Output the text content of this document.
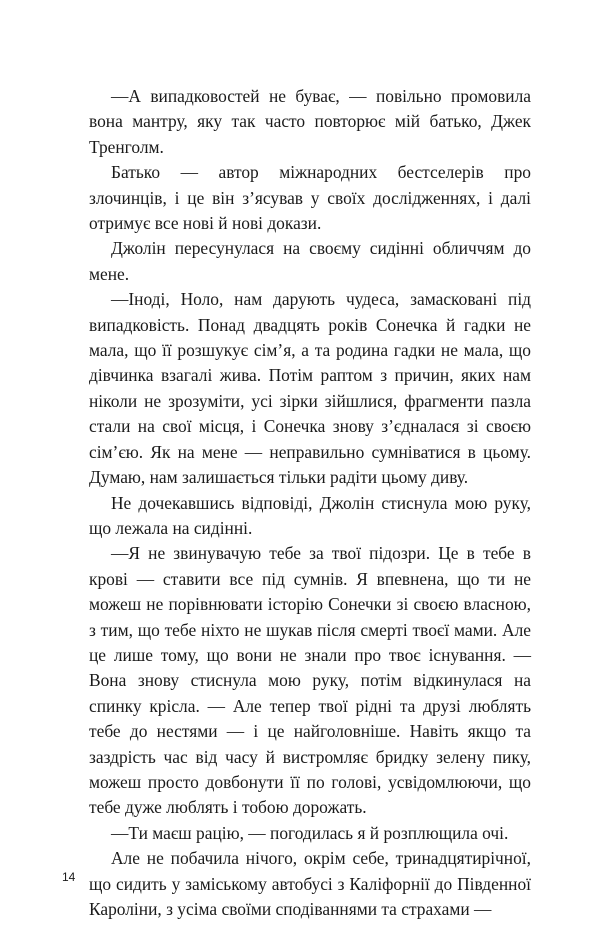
—А випадковостей не буває, — повільно промовила вона мантру, яку так часто повторює мій батько, Джек Тренголм.

Батько — автор міжнародних бестселерів про злочинців, і це він з’ясував у своїх дослідженнях, і далі отримує все нові й нові докази.

Джолін пересунулася на своєму сидінні обличчям до мене.

—Іноді, Ноло, нам дарують чудеса, замасковані під випадковість. Понад двадцять років Сонечка й гадки не мала, що її розшукує сім’я, а та родина гадки не мала, що дівчинка взагалі жива. Потім раптом з причин, яких нам ніколи не зрозуміти, усі зірки зійшлися, фрагменти пазла стали на свої місця, і Сонечка знову з’єдналася зі своєю сім’єю. Як на мене — неправильно сумніватися в цьому. Думаю, нам залишається тільки радіти цьому диву.

Не дочекавшись відповіді, Джолін стиснула мою руку, що лежала на сидінні.

—Я не звинувачую тебе за твої підозри. Це в тебе в крові — ставити все під сумнів. Я впевнена, що ти не можеш не порівнювати історію Сонечки зі своєю власною, з тим, що тебе ніхто не шукав після смерті твоєї мами. Але це лише тому, що вони не знали про твоє існування. — Вона знову стиснула мою руку, потім відкинулася на спинку крісла. — Але тепер твої рідні та друзі люблять тебе до нестями — і це найголовніше. Навіть якщо та заздрість час від часу й вистромляє бридку зелену пику, можеш просто довбонути її по голові, усвідомлюючи, що тебе дуже люблять і тобою дорожать.

—Ти маєш рацію, — погодилась я й розплющила очі.

Але не побачила нічого, окрім себе, тринадцятирічної, що сидить у заміському автобусі з Каліфорнії до Південної Кароліни, з усіма своїми сподіваннями та страхами —

14
